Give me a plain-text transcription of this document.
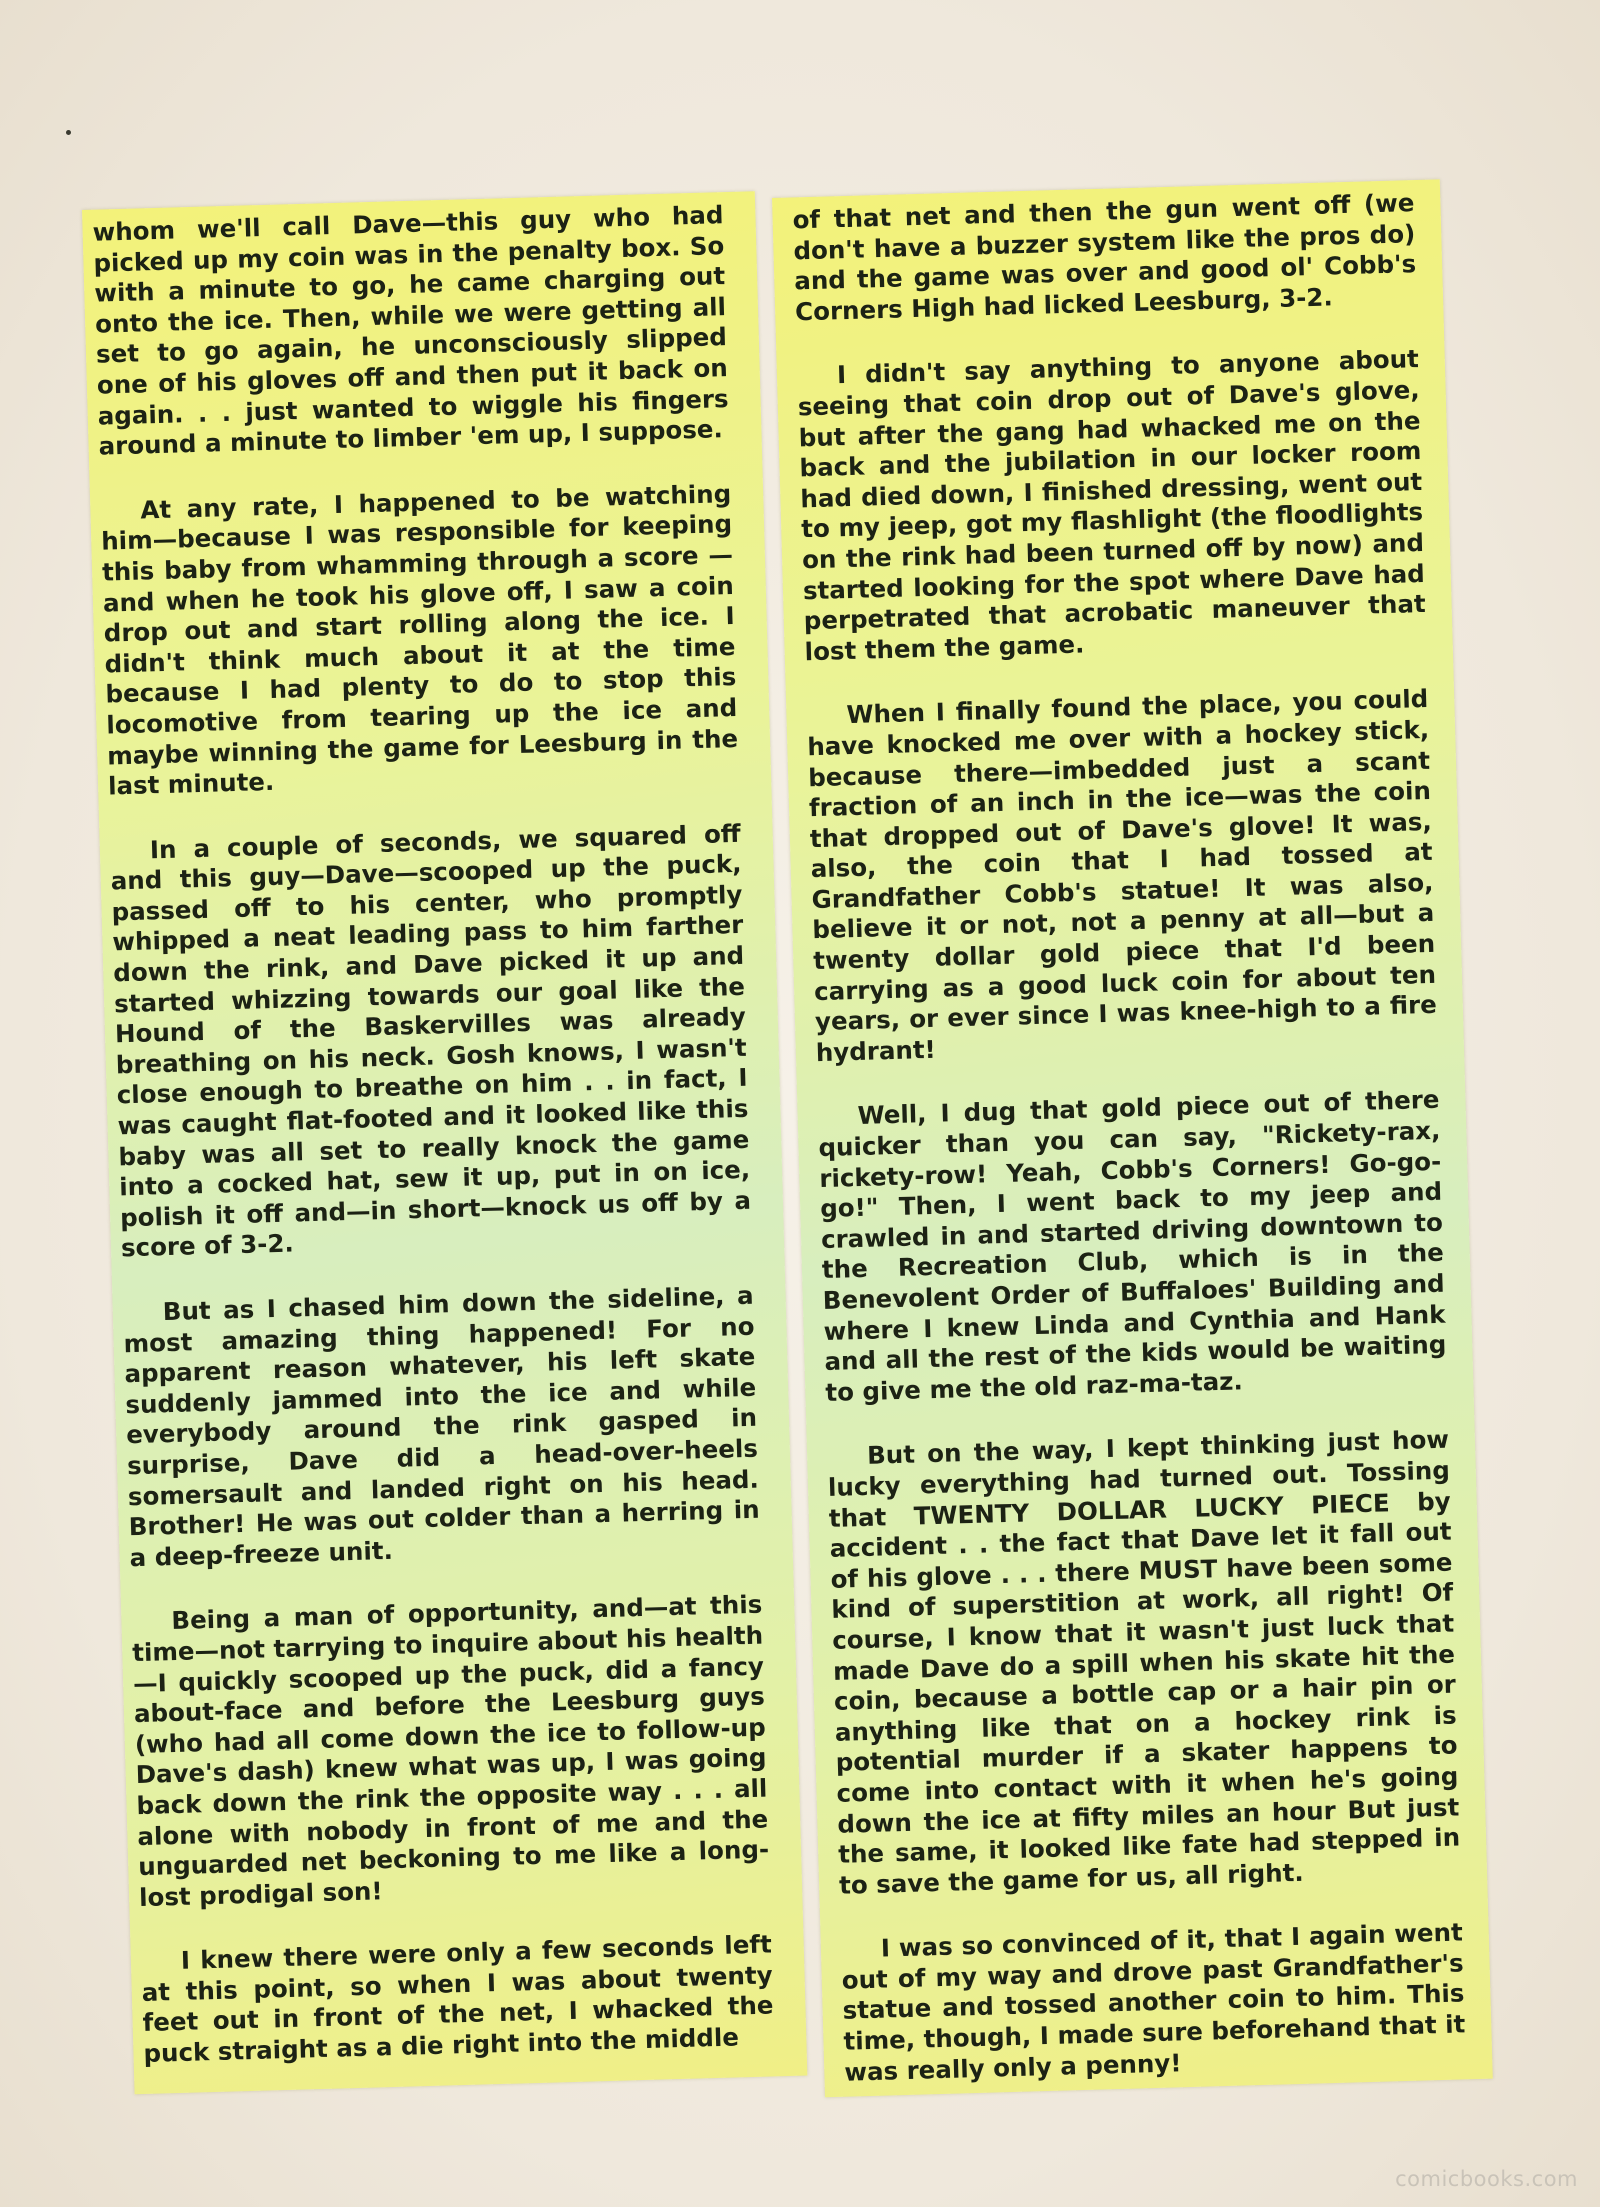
whom we'll call Dave—this guy who had picked up my coin was in the penalty box. So with a minute to go, he came charging out onto the ice. Then, while we were getting all set to go again, he unconsciously slipped one of his gloves off and then put it back on again. . . just wanted to wiggle his fingers around a minute to limber 'em up, I suppose.

At any rate, I happened to be watching him—because I was responsible for keeping this baby from whamming through a score —and when he took his glove off, I saw a coin drop out and start rolling along the ice. I didn't think much about it at the time because I had plenty to do to stop this locomotive from tearing up the ice and maybe winning the game for Leesburg in the last minute.

In a couple of seconds, we squared off and this guy—Dave—scooped up the puck, passed off to his center, who promptly whipped a neat leading pass to him farther down the rink, and Dave picked it up and started whizzing towards our goal like the Hound of the Baskervilles was already breathing on his neck. Gosh knows, I wasn't close enough to breathe on him . . in fact, I was caught flat-footed and it looked like this baby was all set to really knock the game into a cocked hat, sew it up, put in on ice, polish it off and—in short—knock us off by a score of 3-2.

But as I chased him down the sideline, a most amazing thing happened! For no apparent reason whatever, his left skate suddenly jammed into the ice and while everybody around the rink gasped in surprise, Dave did a head-over-heels somersault and landed right on his head. Brother! He was out colder than a herring in a deep-freeze unit.

Being a man of opportunity, and—at this time—not tarrying to inquire about his health—I quickly scooped up the puck, did a fancy about-face and before the Leesburg guys (who had all come down the ice to follow-up Dave's dash) knew what was up, I was going back down the rink the opposite way . . . all alone with nobody in front of me and the unguarded net beckoning to me like a long-lost prodigal son!

I knew there were only a few seconds left at this point, so when I was about twenty feet out in front of the net, I whacked the puck straight as a die right into the middle

of that net and then the gun went off (we don't have a buzzer system like the pros do) and the game was over and good ol' Cobb's Corners High had licked Leesburg, 3-2.

I didn't say anything to anyone about seeing that coin drop out of Dave's glove, but after the gang had whacked me on the back and the jubilation in our locker room had died down, I finished dressing, went out to my jeep, got my flashlight (the floodlights on the rink had been turned off by now) and started looking for the spot where Dave had perpetrated that acrobatic maneuver that lost them the game.

When I finally found the place, you could have knocked me over with a hockey stick, because there—imbedded just a scant fraction of an inch in the ice—was the coin that dropped out of Dave's glove! It was, also, the coin that I had tossed at Grandfather Cobb's statue! It was also, believe it or not, not a penny at all—but a twenty dollar gold piece that I'd been carrying as a good luck coin for about ten years, or ever since I was knee-high to a fire hydrant!

Well, I dug that gold piece out of there quicker than you can say, "Rickety-rax, rickety-row! Yeah, Cobb's Corners! Go-go-go!" Then, I went back to my jeep and crawled in and started driving downtown to the Recreation Club, which is in the Benevolent Order of Buffaloes' Building and where I knew Linda and Cynthia and Hank and all the rest of the kids would be waiting to give me the old raz-ma-taz.

But on the way, I kept thinking just how lucky everything had turned out. Tossing that TWENTY DOLLAR LUCKY PIECE by accident . . the fact that Dave let it fall out of his glove . . . there MUST have been some kind of superstition at work, all right! Of course, I know that it wasn't just luck that made Dave do a spill when his skate hit the coin, because a bottle cap or a hair pin or anything like that on a hockey rink is potential murder if a skater happens to come into contact with it when he's going down the ice at fifty miles an hour But just the same, it looked like fate had stepped in to save the game for us, all right.

I was so convinced of it, that I again went out of my way and drove past Grandfather's statue and tossed another coin to him. This time, though, I made sure beforehand that it was really only a penny!

comicbooks.com
